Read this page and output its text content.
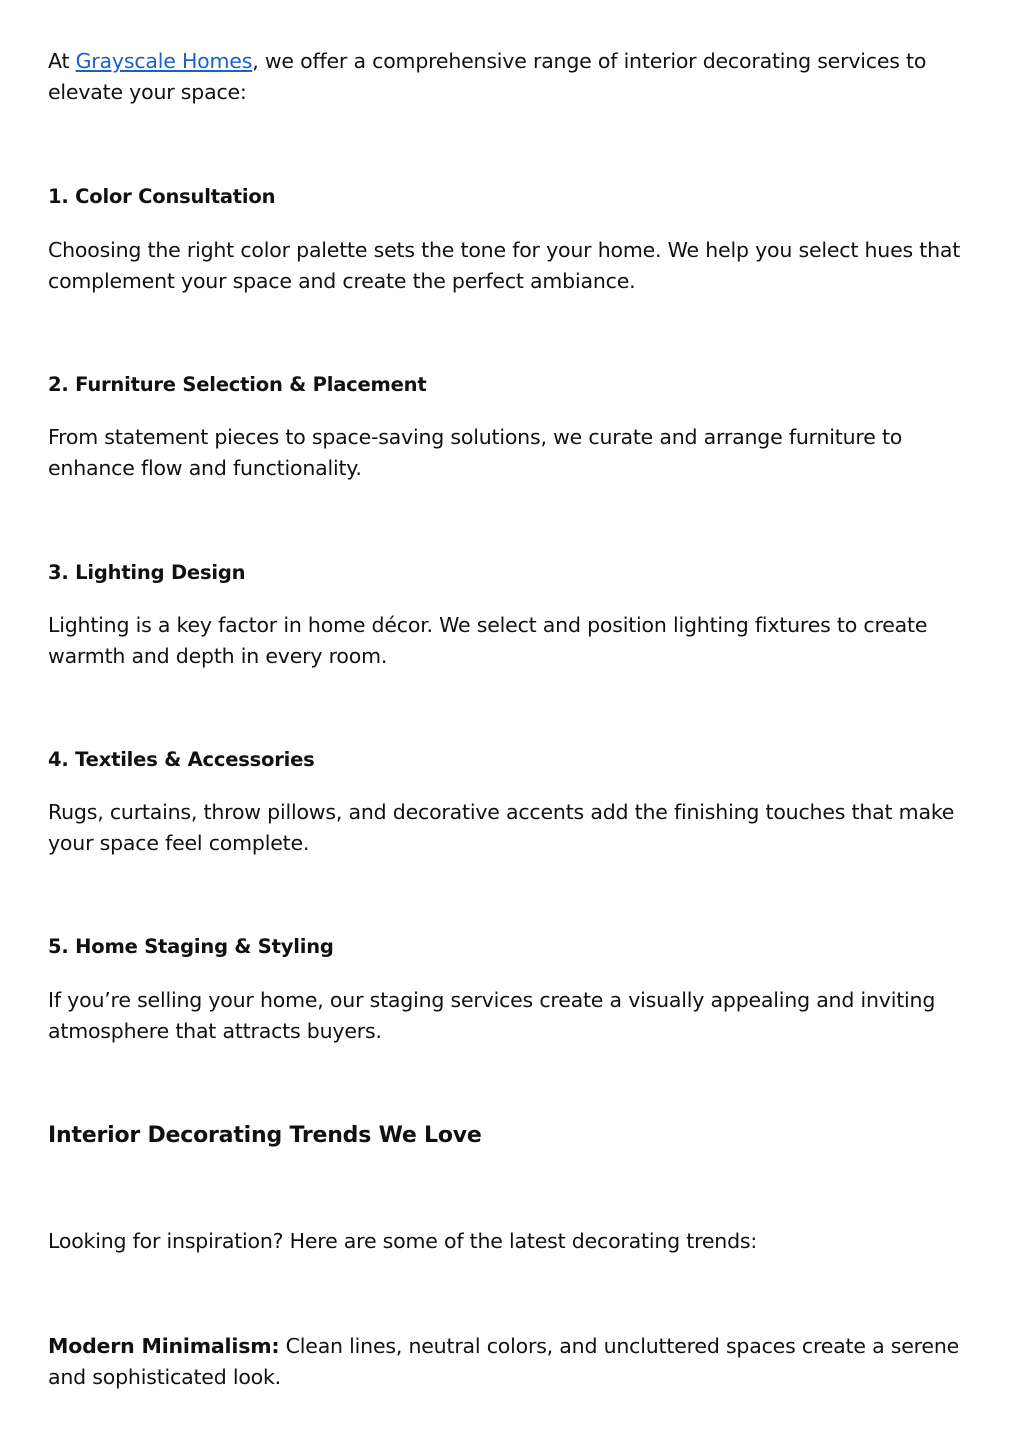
At Grayscale Homes, we offer a comprehensive range of interior decorating services to elevate your space:

1. Color Consultation

Choosing the right color palette sets the tone for your home. We help you select hues that complement your space and create the perfect ambiance.

2. Furniture Selection & Placement

From statement pieces to space-saving solutions, we curate and arrange furniture to enhance flow and functionality.

3. Lighting Design

Lighting is a key factor in home décor. We select and position lighting fixtures to create warmth and depth in every room.

4. Textiles & Accessories

Rugs, curtains, throw pillows, and decorative accents add the finishing touches that make your space feel complete.

5. Home Staging & Styling

If you’re selling your home, our staging services create a visually appealing and inviting atmosphere that attracts buyers.

Interior Decorating Trends We Love

Looking for inspiration? Here are some of the latest decorating trends:

Modern Minimalism: Clean lines, neutral colors, and uncluttered spaces create a serene and sophisticated look.
